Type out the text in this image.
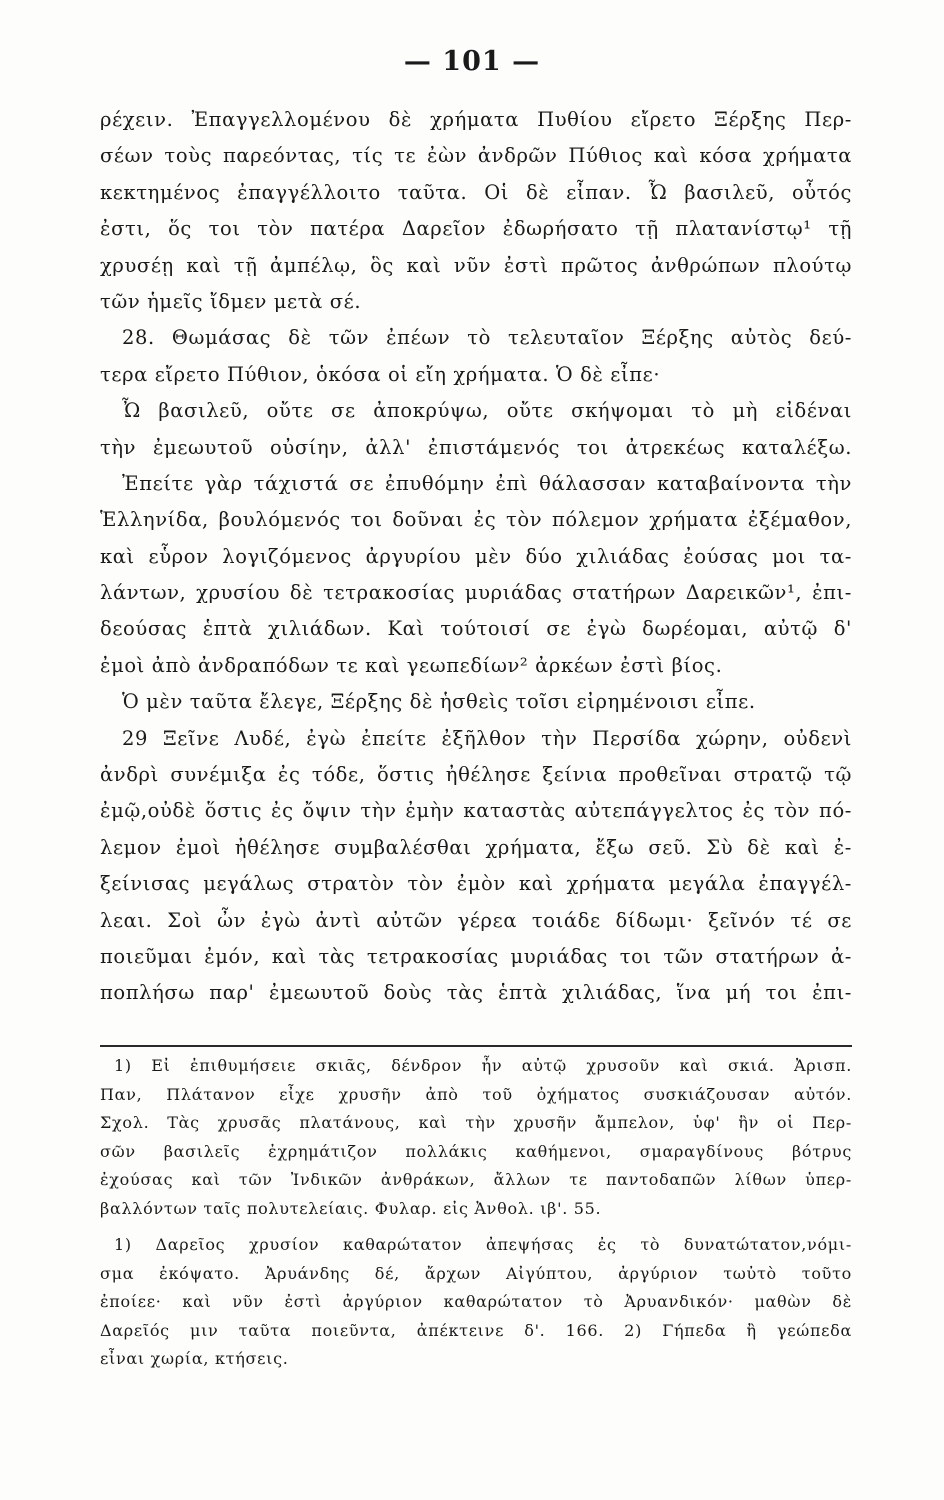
— 101 —
ρέχειν. Ἐπαγγελλομένου δὲ χρήματα Πυθίου εἴρετο Ξέρξης Περ-
σέων τοὺς παρεόντας, τίς τε ἐὼν ἀνδρῶν Πύθιος καὶ κόσα χρήματα
κεκτημένος ἐπαγγέλλοιτο ταῦτα. Οἱ δὲ εἶπαν. Ὦ βασιλεῦ, οὗτός
ἐστι, ὅς τοι τὸν πατέρα Δαρεῖον ἐδωρήσατο τῇ πλατανίστῳ¹ τῇ
χρυσέῃ καὶ τῇ ἀμπέλῳ, ὃς καὶ νῦν ἐστὶ πρῶτος ἀνθρώπων πλούτῳ
τῶν ἡμεῖς ἴδμεν μετὰ σέ.
28. Θωμάσας δὲ τῶν ἐπέων τὸ τελευταῖον Ξέρξης αὐτὸς δεύ-
τερα εἴρετο Πύθιον, ὁκόσα οἱ εἴη χρήματα. Ὁ δὲ εἶπε·
Ὦ βασιλεῦ, οὔτε σε ἀποκρύψω, οὔτε σκήψομαι τὸ μὴ εἰδέναι
τὴν ἐμεωυτοῦ οὐσίην, ἀλλ' ἐπιστάμενός τοι ἀτρεκέως καταλέξω.
Ἐπείτε γὰρ τάχιστά σε ἐπυθόμην ἐπὶ θάλασσαν καταβαίνοντα τὴν
Ἑλληνίδα, βουλόμενός τοι δοῦναι ἐς τὸν πόλεμον χρήματα ἐξέμαθον,
καὶ εὗρον λογιζόμενος ἀργυρίου μὲν δύο χιλιάδας ἐούσας μοι τα-
λάντων, χρυσίου δὲ τετρακοσίας μυριάδας στατήρων Δαρεικῶν¹, ἐπι-
δεούσας ἑπτὰ χιλιάδων. Καὶ τούτοισί σε ἐγὼ δωρέομαι, αὐτῷ δ'
ἐμοὶ ἀπὸ ἀνδραπόδων τε καὶ γεωπεδίων² ἀρκέων ἐστὶ βίος.
Ὁ μὲν ταῦτα ἔλεγε, Ξέρξης δὲ ἡσθεὶς τοῖσι εἰρημένοισι εἶπε.
29 Ξεῖνε Λυδέ, ἐγὼ ἐπείτε ἐξῆλθον τὴν Περσίδα χώρην, οὐδενὶ
ἀνδρὶ συνέμιξα ἐς τόδε, ὅστις ἠθέλησε ξείνια προθεῖναι στρατῷ τῷ
ἐμῷ,οὐδὲ ὅστις ἐς ὄψιν τὴν ἐμὴν καταστὰς αὐτεπάγγελτος ἐς τὸν πό-
λεμον ἐμοὶ ἠθέλησε συμβαλέσθαι χρήματα, ἔξω σεῦ. Σὺ δὲ καὶ ἐ-
ξείνισας μεγάλως στρατὸν τὸν ἐμὸν καὶ χρήματα μεγάλα ἐπαγγέλ-
λεαι. Σοὶ ὦν ἐγὼ ἀντὶ αὐτῶν γέρεα τοιάδε δίδωμι· ξεῖνόν τέ σε
ποιεῦμαι ἐμόν, καὶ τὰς τετρακοσίας μυριάδας τοι τῶν στατήρων ἀ-
ποπλήσω παρ' ἐμεωυτοῦ δοὺς τὰς ἑπτὰ χιλιάδας, ἵνα μή τοι ἐπι-
1) Εἰ ἐπιθυμήσειε σκιᾶς, δένδρον ἦν αὐτῷ χρυσοῦν καὶ σκιά. Ἀρισπ.
Παν, Πλάτανον εἶχε χρυσῆν ἀπὸ τοῦ ὀχήματος συσκιάζουσαν αὐτόν.
Σχολ. Τὰς χρυσᾶς πλατάνους, καὶ τὴν χρυσῆν ἄμπελον, ὑφ' ἣν οἱ Περ-
σῶν βασιλεῖς ἐχρημάτιζον πολλάκις καθήμενοι, σμαραγδίνους βότρυς
ἐχούσας καὶ τῶν Ἰνδικῶν ἀνθράκων, ἄλλων τε παντοδαπῶν λίθων ὑπερ-
βαλλόντων ταῖς πολυτελείαις. Φυλαρ. εἰς Ἀνθολ. ιβ'. 55.
1) Δαρεῖος χρυσίον καθαρώτατον ἀπεψήσας ἐς τὸ δυνατώτατον,νόμι-
σμα ἐκόψατο. Ἀρυάνδης δέ, ἄρχων Αἰγύπτου, ἀργύριον τωὐτὸ τοῦτο
ἐποίεε· καὶ νῦν ἐστὶ ἀργύριον καθαρώτατον τὸ Ἀρυανδικόν· μαθὼν δὲ
Δαρεῖός μιν ταῦτα ποιεῦντα, ἀπέκτεινε δ'. 166. 2) Γήπεδα ἢ γεώπεδα
εἶναι χωρία, κτήσεις.
